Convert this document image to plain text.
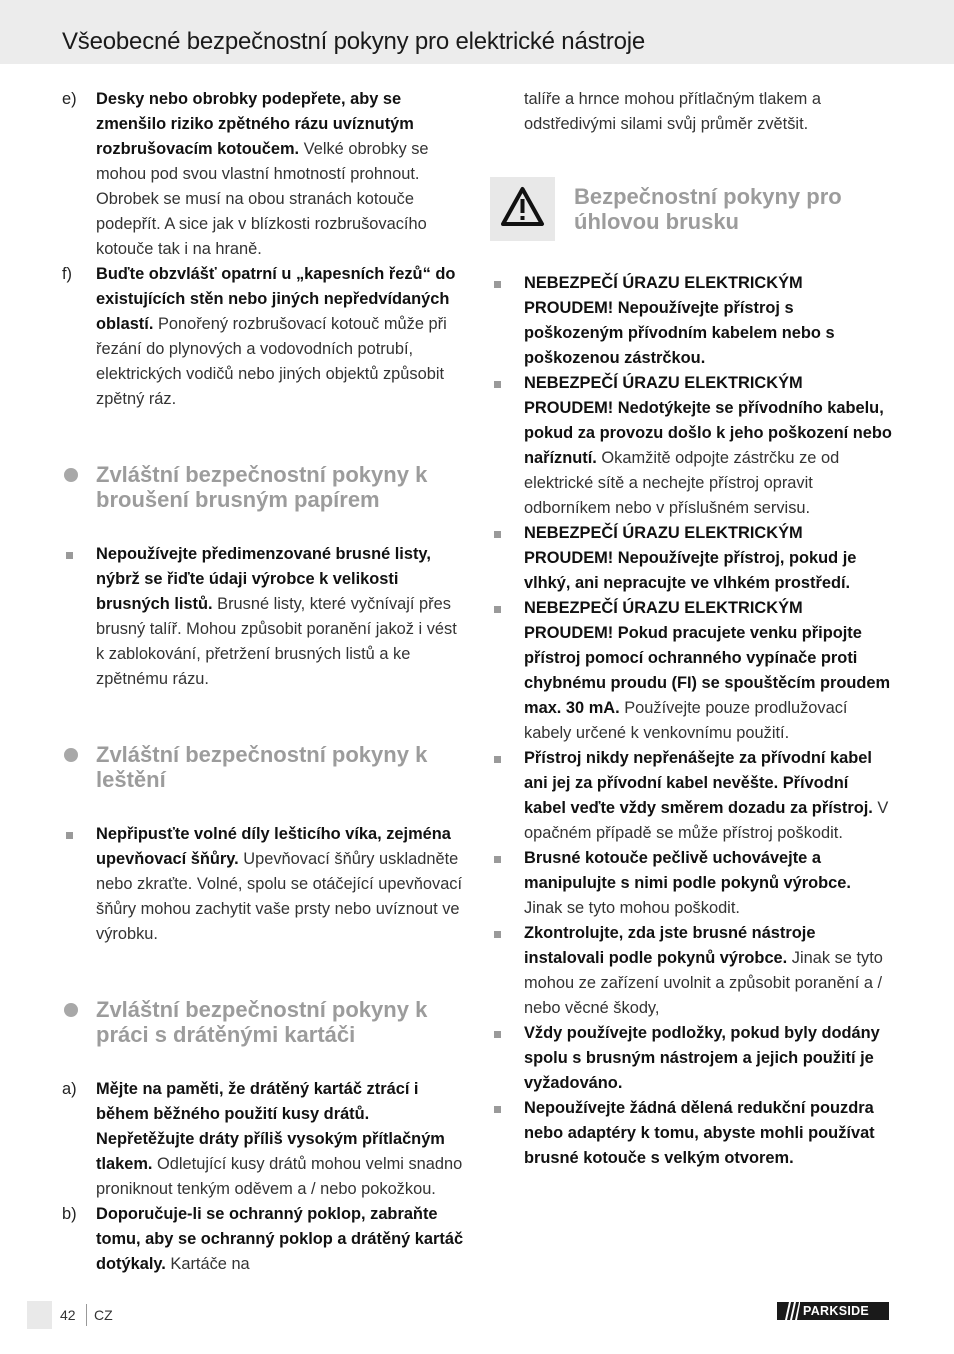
Všeobecné bezpečnostní pokyny pro elektrické nástroje
e) Desky nebo obrobky podepřete, aby se zmenšilo riziko zpětného rázu uvíznutým rozbrušovacím kotoučem. Velké obrobky se mohou pod svou vlastní hmotností prohnout. Obrobek se musí na obou stranách kotouče podepřít. A sice jak v blízkosti rozbrušovacího kotouče tak i na hraně.
f) Buďte obzvlášť opatrní u „kapesních řezů“ do existujících stěn nebo jiných nepředvídaných oblastí. Ponořený rozbrušovací kotouč může při řezání do plynových a vodovodních potrubí, elektrických vodičů nebo jiných objektů způsobit zpětný ráz.
Zvláštní bezpečnostní pokyny k broušení brusným papírem
Nepoužívejte předimenzované brusné listy, nýbrž se řiďte údaji výrobce k velikosti brusných listů. Brusné listy, které vyčnívají přes brusný talíř. Mohou způsobit poranění jakož i vést k zablokování, přetržení brusných listů a ke zpětnému rázu.
Zvláštní bezpečnostní pokyny k leštění
Nepřipusťte volné díly lešticího víka, zejména upevňovací šňůry. Upevňovací šňůry uskladněte nebo zkraťte. Volné, spolu se otáčející upevňovací šňůry mohou zachytit vaše prsty nebo uvíznout ve výrobku.
Zvláštní bezpečnostní pokyny k práci s drátěnými kartáči
a) Mějte na paměti, že drátěný kartáč ztrácí i během běžného použití kusy drátů. Nepřetěžujte dráty příliš vysokým přítlačným tlakem. Odletující kusy drátů mohou velmi snadno proniknout tenkým oděvem a / nebo pokožkou.
b) Doporučuje-li se ochranný poklop, zabraňte tomu, aby se ochranný poklop a drátěný kartáč dotýkaly. Kartáče na
talíře a hrnce mohou přítlačným tlakem a odstředivými silami svůj průměr zvětšit.
Bezpečnostní pokyny pro úhlovou brusku
NEBEZPEČÍ ÚRAZU ELEKTRICKÝM PROUDEM! Nepoužívejte přístroj s poškozeným přívodním kabelem nebo s poškozenou zástrčkou.
NEBEZPEČÍ ÚRAZU ELEKTRICKÝM PROUDEM! Nedotýkejte se přívodního kabelu, pokud za provozu došlo k jeho poškození nebo naříznutí. Okamžitě odpojte zástrčku ze od elektrické sítě a nechejte přístroj opravit odborníkem nebo v příslušném servisu.
NEBEZPEČÍ ÚRAZU ELEKTRICKÝM PROUDEM! Nepoužívejte přístroj, pokud je vlhký, ani nepracujte ve vlhkém prostředí.
NEBEZPEČÍ ÚRAZU ELEKTRICKÝM PROUDEM! Pokud pracujete venku připojte přístroj pomocí ochranného vypínače proti chybnému proudu (FI) se spouštěcím proudem max. 30 mA. Používejte pouze prodlužovací kabely určené k venkovnímu použití.
Přístroj nikdy nepřenášejte za přívodní kabel ani jej za přívodní kabel nevěšte. Přívodní kabel veďte vždy směrem dozadu za přístroj. V opačném případě se může přístroj poškodit.
Brusné kotouče pečlivě uchovávejte a manipulujte s nimi podle pokynů výrobce. Jinak se tyto mohou poškodit.
Zkontrolujte, zda jste brusné nástroje instalovali podle pokynů výrobce. Jinak se tyto mohou ze zařízení uvolnit a způsobit poranění a / nebo věcné škody,
Vždy používejte podložky, pokud byly dodány spolu s brusným nástrojem a jejich použití je vyžadováno.
Nepoužívejte žádná dělená redukční pouzdra nebo adaptéry k tomu, abyste mohli používat brusné kotouče s velkým otvorem.
42 CZ	PARKSIDE
